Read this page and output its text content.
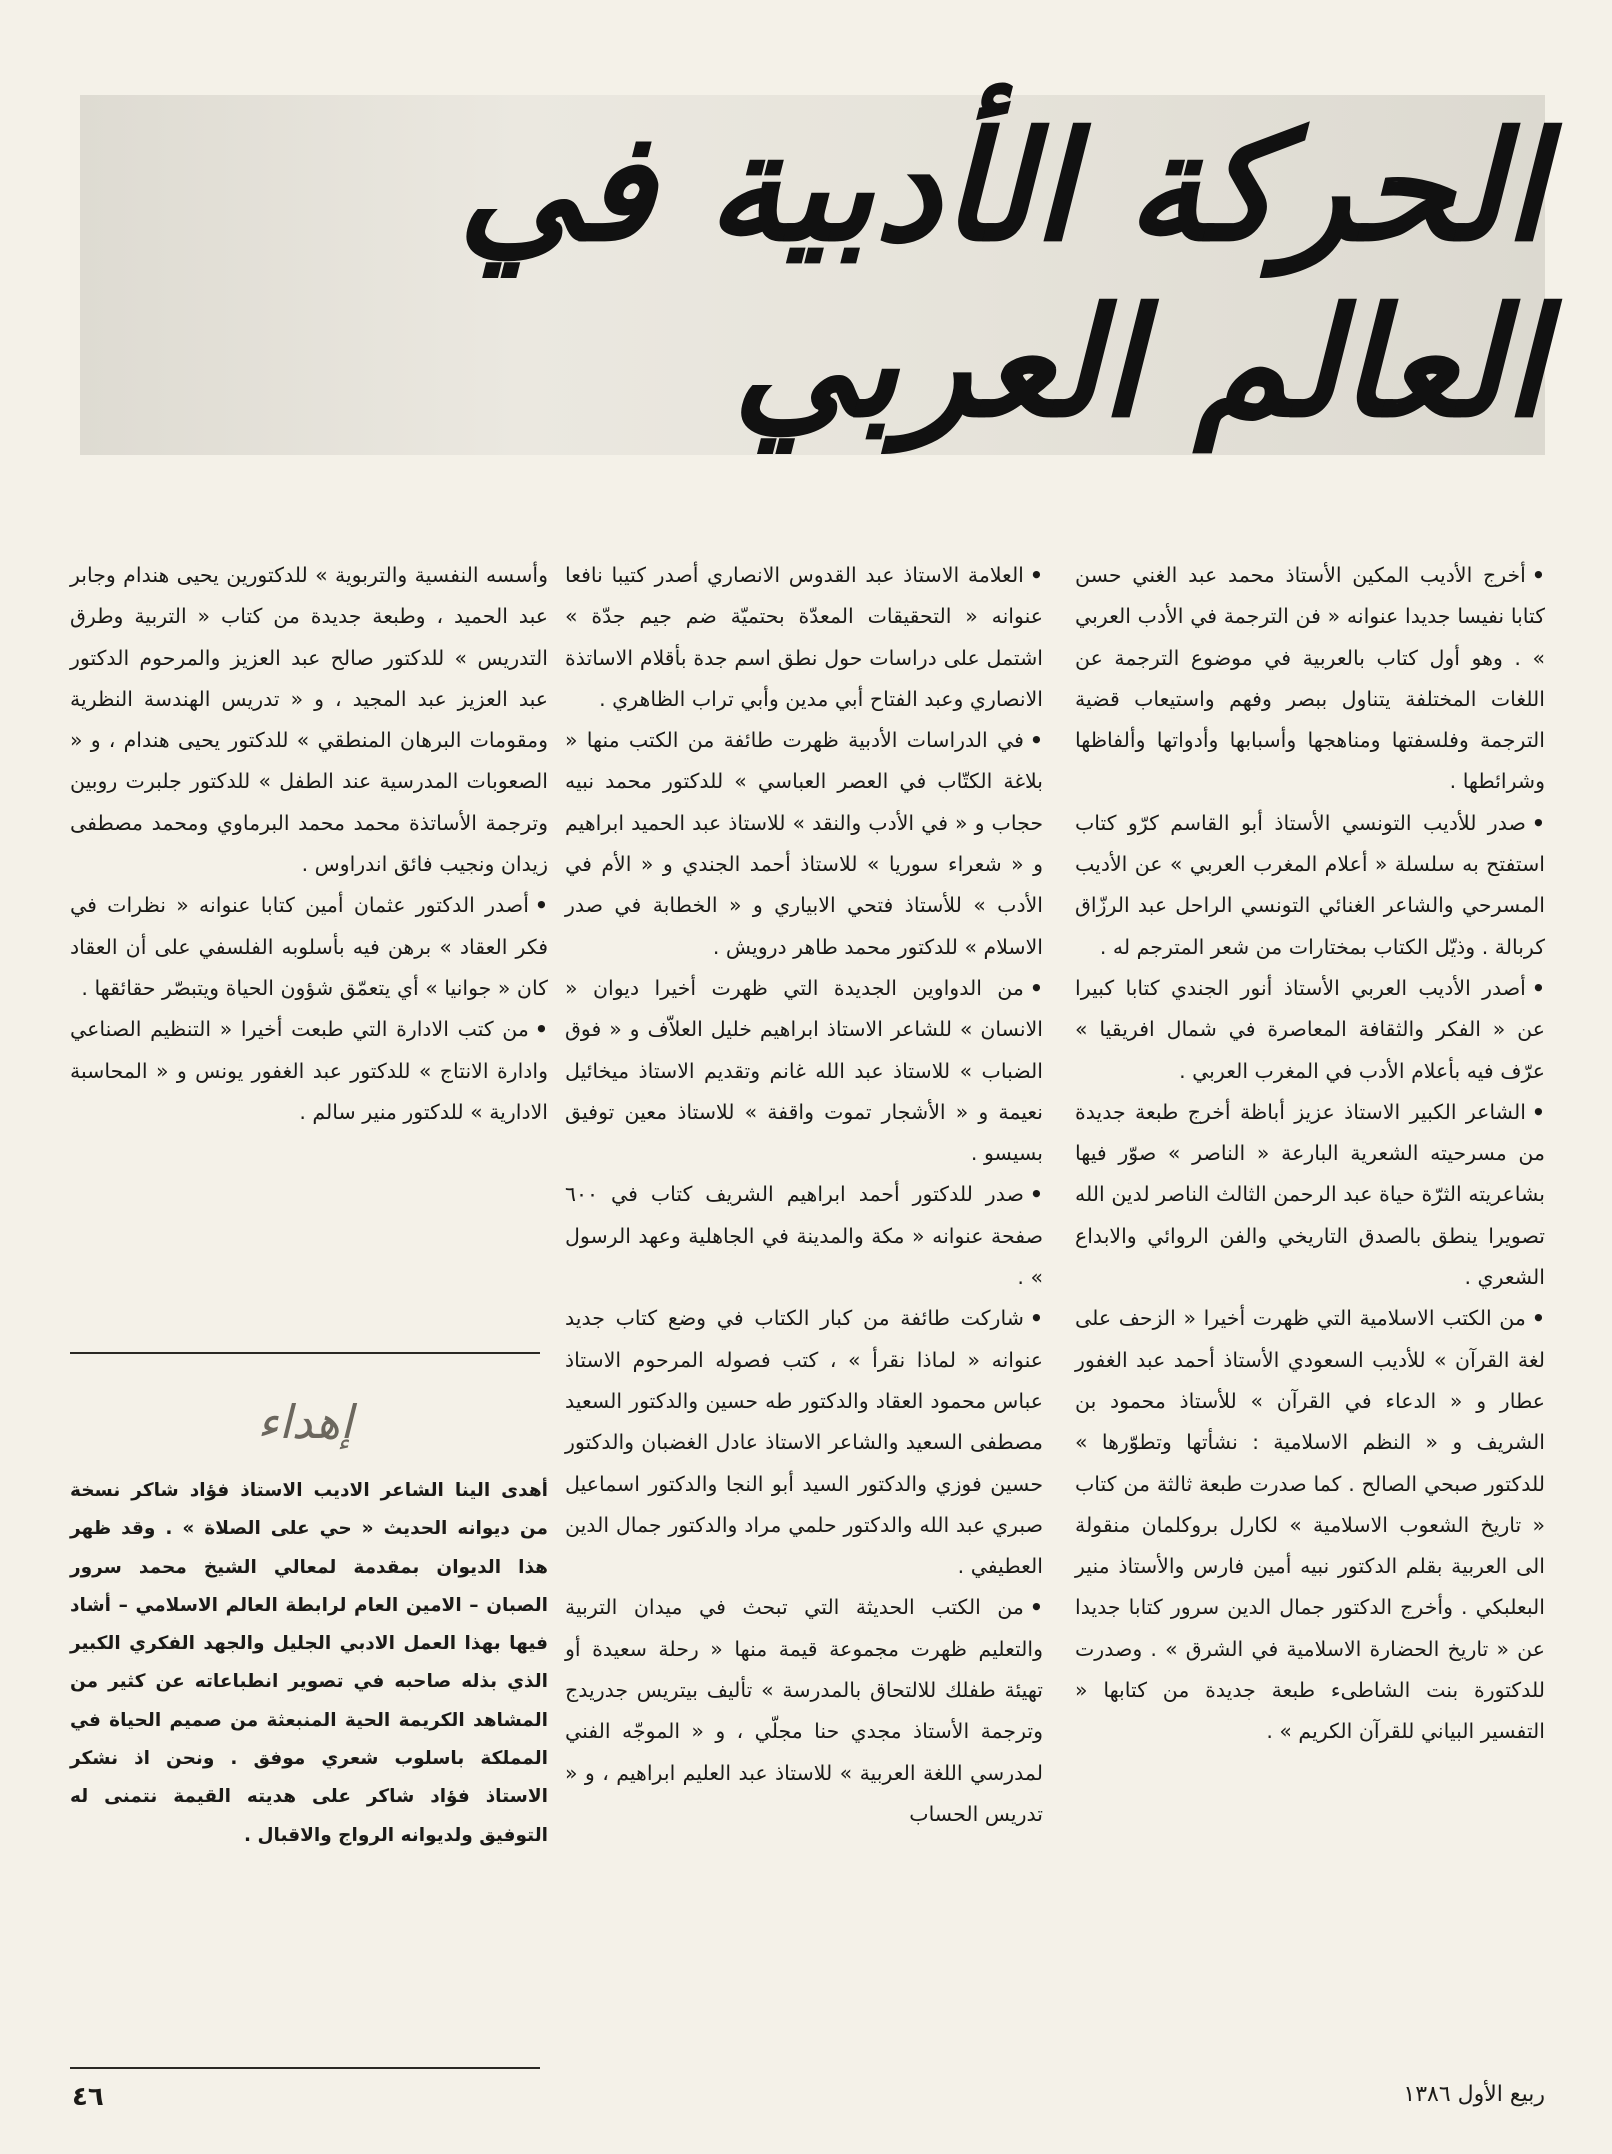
الحركة الأدبية في العالم العربي

•أخرج الأديب المكين الأستاذ محمد عبد الغني حسن كتابا نفيسا جديدا عنوانه « فن الترجمة في الأدب العربي » . وهو أول كتاب بالعربية في موضوع الترجمة عن اللغات المختلفة يتناول ببصر وفهم واستيعاب قضية الترجمة وفلسفتها ومناهجها وأسبابها وأدواتها وألفاظها وشرائطها .

•صدر للأديب التونسي الأستاذ أبو القاسم كرّو كتاب استفتح به سلسلة « أعلام المغرب العربي » عن الأديب المسرحي والشاعر الغنائي التونسي الراحل عبد الرزّاق كربالة . وذيّل الكتاب بمختارات من شعر المترجم له .

•أصدر الأديب العربي الأستاذ أنور الجندي كتابا كبيرا عن « الفكر والثقافة المعاصرة في شمال افريقيا » عرّف فيه بأعلام الأدب في المغرب العربي .

•الشاعر الكبير الاستاذ عزيز أباظة أخرج طبعة جديدة من مسرحيته الشعرية البارعة « الناصر » صوّر فيها بشاعريته الثرّة حياة عبد الرحمن الثالث الناصر لدين الله تصويرا ينطق بالصدق التاريخي والفن الروائي والابداع الشعري .

•من الكتب الاسلامية التي ظهرت أخيرا « الزحف على لغة القرآن » للأديب السعودي الأستاذ أحمد عبد الغفور عطار و « الدعاء في القرآن » للأستاذ محمود بن الشريف و « النظم الاسلامية : نشأتها وتطوّرها » للدكتور صبحي الصالح . كما صدرت طبعة ثالثة من كتاب « تاريخ الشعوب الاسلامية » لكارل بروكلمان منقولة الى العربية بقلم الدكتور نبيه أمين فارس والأستاذ منير البعلبكي . وأخرج الدكتور جمال الدين سرور كتابا جديدا عن « تاريخ الحضارة الاسلامية في الشرق » . وصدرت للدكتورة بنت الشاطىء طبعة جديدة من كتابها « التفسير البياني للقرآن الكريم » .

•العلامة الاستاذ عبد القدوس الانصاري أصدر كتيبا نافعا عنوانه « التحقيقات المعدّة بحتميّة ضم جيم جدّة » اشتمل على دراسات حول نطق اسم جدة بأقلام الاساتذة الانصاري وعبد الفتاح أبي مدين وأبي تراب الظاهري .

•في الدراسات الأدبية ظهرت طائفة من الكتب منها « بلاغة الكتّاب في العصر العباسي » للدكتور محمد نبيه حجاب و « في الأدب والنقد » للاستاذ عبد الحميد ابراهيم و « شعراء سوريا » للاستاذ أحمد الجندي و « الأم في الأدب » للأستاذ فتحي الابياري و « الخطابة في صدر الاسلام » للدكتور محمد طاهر درويش .

•من الدواوين الجديدة التي ظهرت أخيرا ديوان « الانسان » للشاعر الاستاذ ابراهيم خليل العلاّف و « فوق الضباب » للاستاذ عبد الله غانم وتقديم الاستاذ ميخائيل نعيمة و « الأشجار تموت واقفة » للاستاذ معين توفيق بسيسو .

•صدر للدكتور أحمد ابراهيم الشريف كتاب في ٦٠٠ صفحة عنوانه « مكة والمدينة في الجاهلية وعهد الرسول » .

•شاركت طائفة من كبار الكتاب في وضع كتاب جديد عنوانه « لماذا نقرأ » ، كتب فصوله المرحوم الاستاذ عباس محمود العقاد والدكتور طه حسين والدكتور السعيد مصطفى السعيد والشاعر الاستاذ عادل الغضبان والدكتور حسين فوزي والدكتور السيد أبو النجا والدكتور اسماعيل صبري عبد الله والدكتور حلمي مراد والدكتور جمال الدين العطيفي .

•من الكتب الحديثة التي تبحث في ميدان التربية والتعليم ظهرت مجموعة قيمة منها « رحلة سعيدة أو تهيئة طفلك للالتحاق بالمدرسة » تأليف بيتريس جدريدج وترجمة الأستاذ مجدي حنا مجلّي ، و « الموجّه الفني لمدرسي اللغة العربية » للاستاذ عبد العليم ابراهيم ، و « تدريس الحساب

وأسسه النفسية والتربوية » للدكتورين يحيى هندام وجابر عبد الحميد ، وطبعة جديدة من كتاب « التربية وطرق التدريس » للدكتور صالح عبد العزيز والمرحوم الدكتور عبد العزيز عبد المجيد ، و « تدريس الهندسة النظرية ومقومات البرهان المنطقي » للدكتور يحيى هندام ، و « الصعوبات المدرسية عند الطفل » للدكتور جلبرت روبين وترجمة الأساتذة محمد محمد البرماوي ومحمد مصطفى زيدان ونجيب فائق اندراوس .

•أصدر الدكتور عثمان أمين كتابا عنوانه « نظرات في فكر العقاد » برهن فيه بأسلوبه الفلسفي على أن العقاد كان « جوانيا » أي يتعمّق شؤون الحياة ويتبصّر حقائقها .

•من كتب الادارة التي طبعت أخيرا « التنظيم الصناعي وادارة الانتاج » للدكتور عبد الغفور يونس و « المحاسبة الادارية » للدكتور منير سالم .

إهداء
أهدى الينا الشاعر الاديب الاستاذ فؤاد شاكر نسخة من ديوانه الحديث « حي على الصلاة » . وقد ظهر هذا الديوان بمقدمة لمعالي الشيخ محمد سرور الصبان – الامين العام لرابطة العالم الاسلامي – أشاد فيها بهذا العمل الادبي الجليل والجهد الفكري الكبير الذي بذله صاحبه في تصوير انطباعاته عن كثير من المشاهد الكريمة الحية المنبعثة من صميم الحياة في المملكة باسلوب شعري موفق . ونحن اذ نشكر الاستاذ فؤاد شاكر على هديته القيمة نتمنى له التوفيق ولديوانه الرواج والاقبال .
٤٦	ربيع الأول ١٣٨٦
